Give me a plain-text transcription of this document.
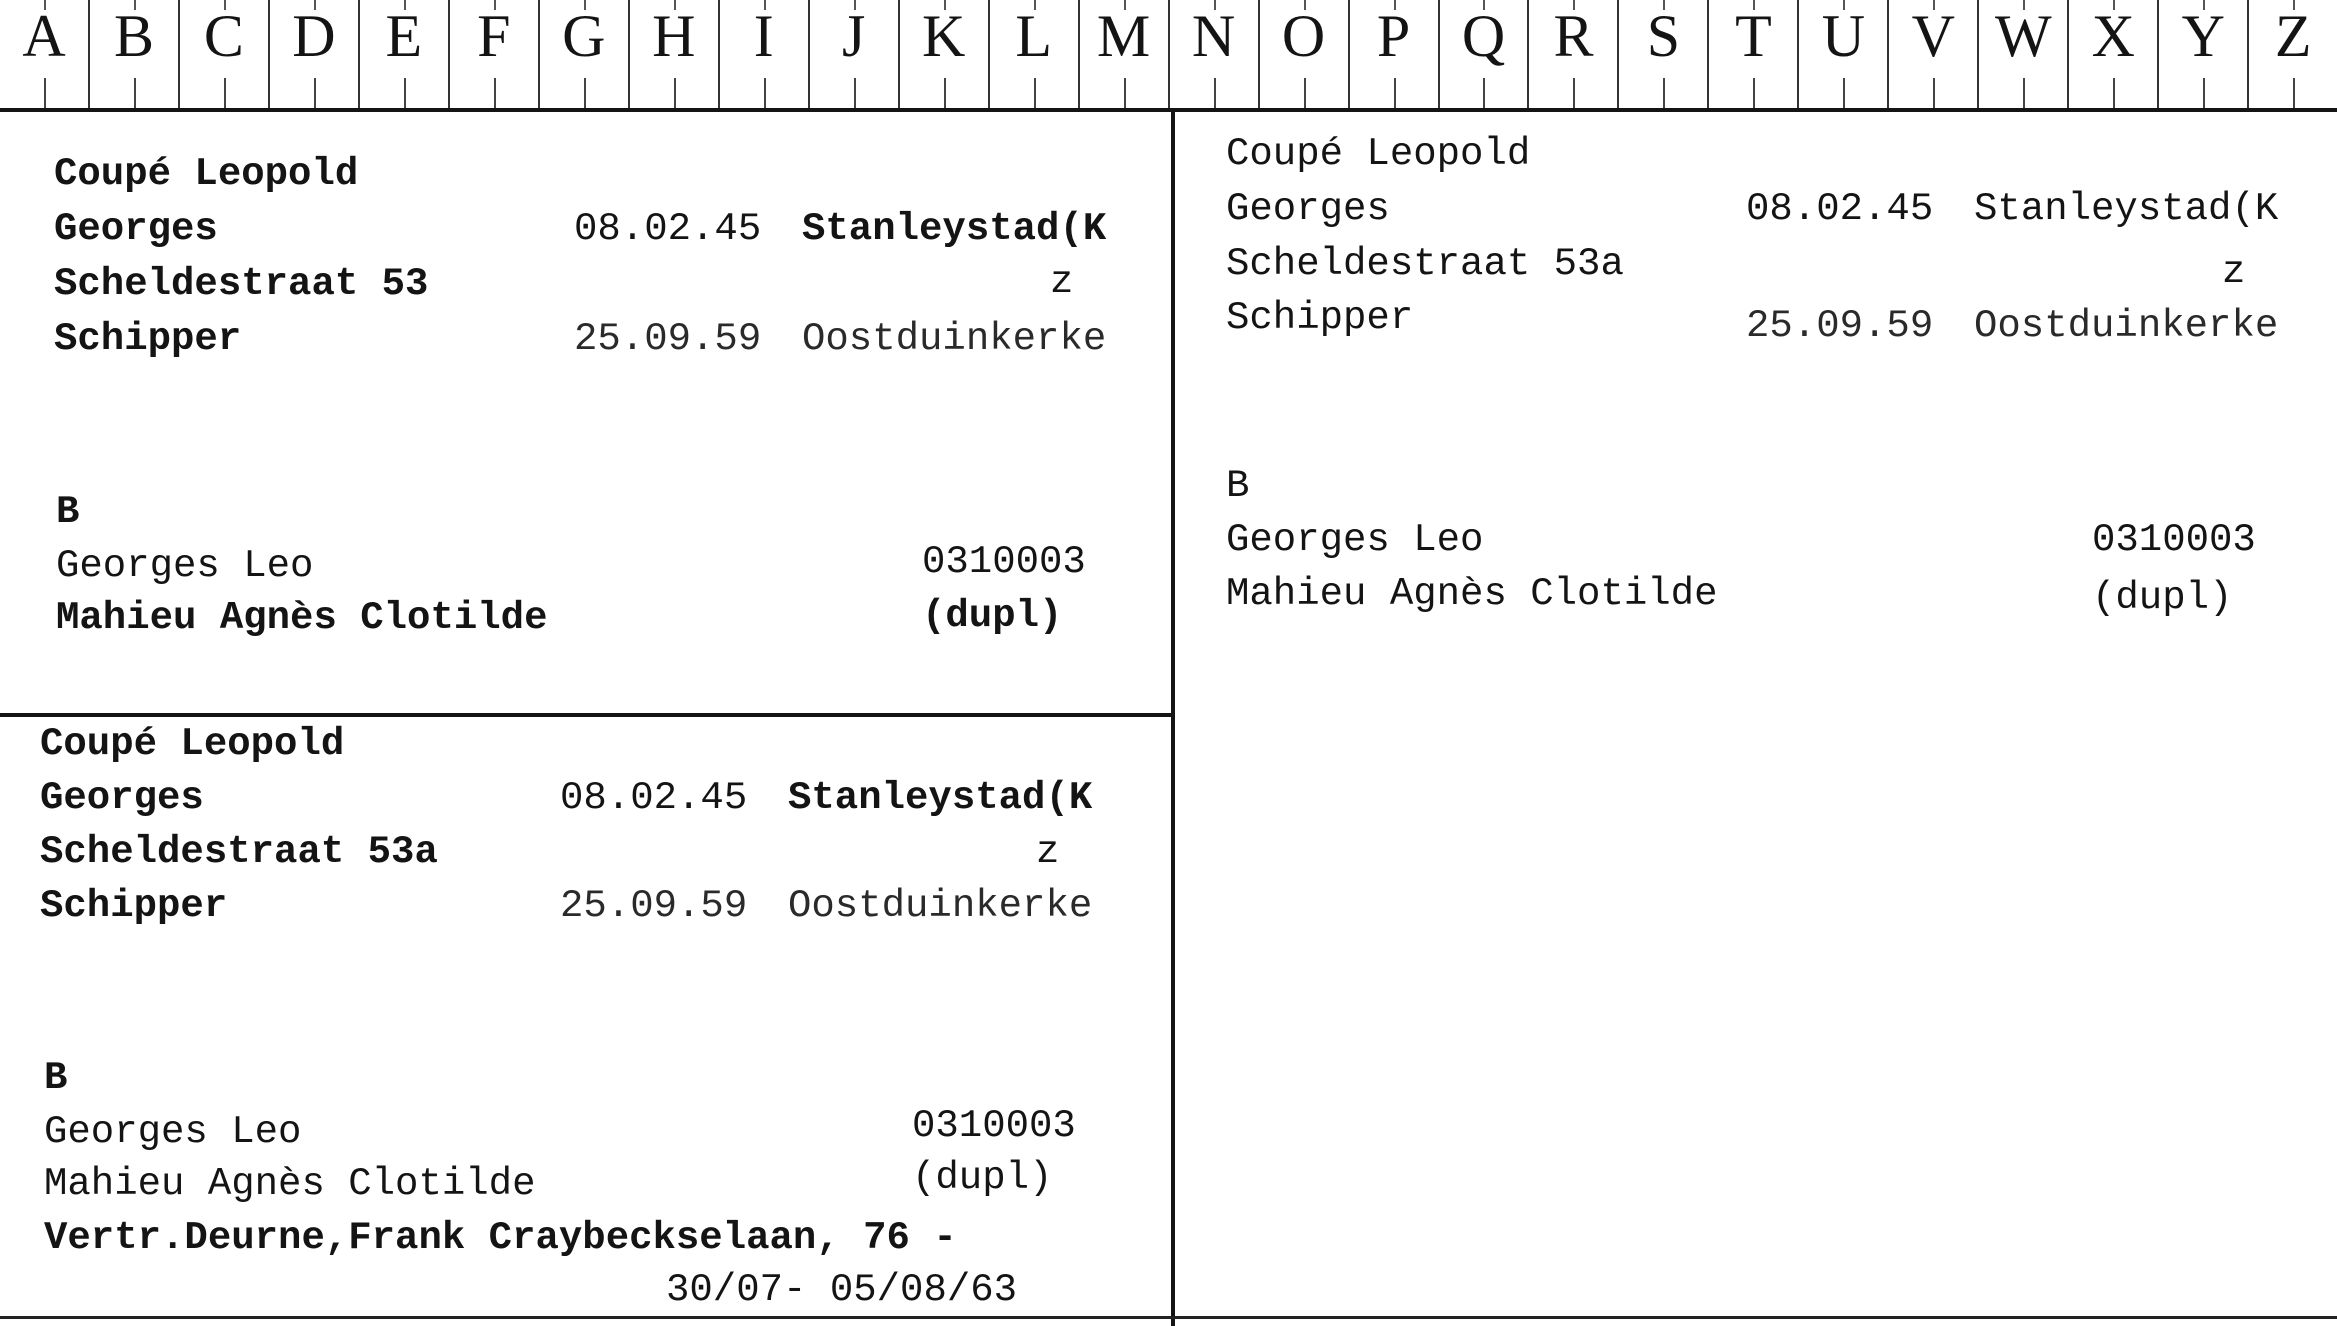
A B C D E F G H I	J K L M N O P Q R S T U V W X Y Z

Coupé Leopold

Georges

Scheldestraat 53

Schipper

08.02.45

Stanleystad(K

z

25.09.59

Oostduinkerke

B

Georges Leo

Mahieu Agnès Clotilde

0310003

(dupl)

Coupé Leopold

Georges

Scheldestraat 53a

Schipper

08.02.45

Stanleystad(K

z

25.09.59

Oostduinkerke

B

Georges Leo

Mahieu Agnès Clotilde

0310003

(dupl)

Coupé Leopold

Georges

Scheldestraat 53a

Schipper

08.02.45

Stanleystad(K

z

25.09.59

Oostduinkerke

B

Georges Leo

Mahieu Agnès Clotilde

0310003

(dupl)

Vertr.Deurne,Frank Craybeckselaan, 76 -

30/07- 05/08/63
